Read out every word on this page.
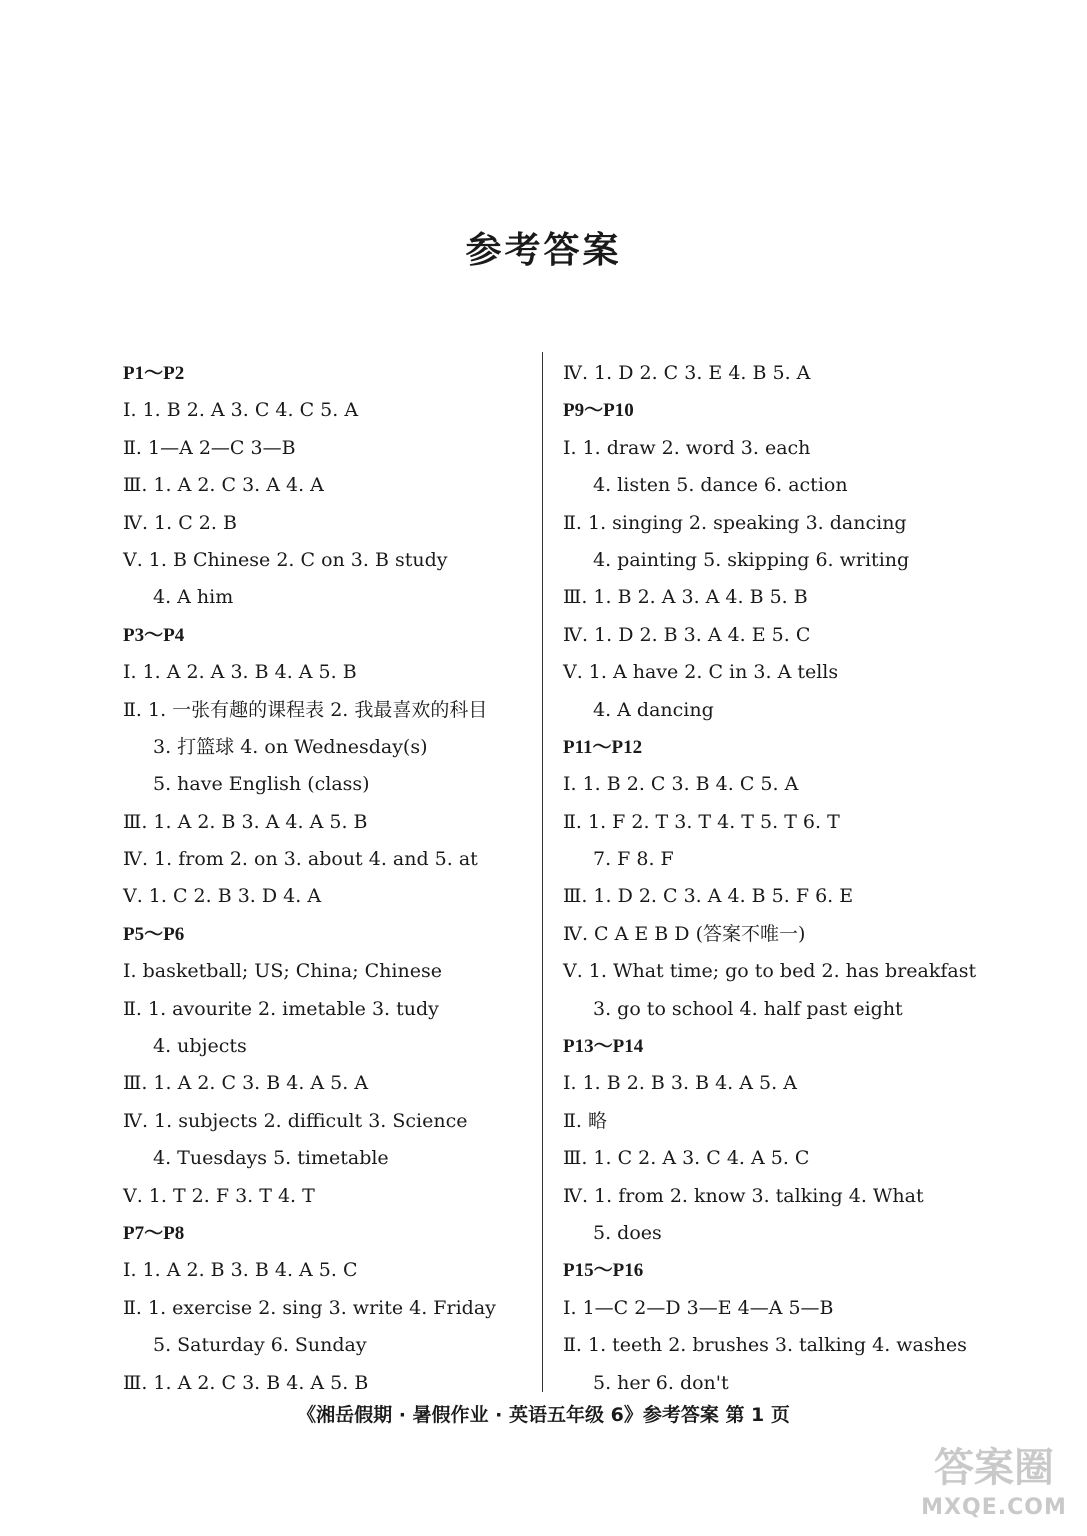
参考答案
P1～P2
Ⅰ. 1. B 2. A 3. C 4. C 5. A
Ⅱ. 1—A 2—C 3—B
Ⅲ. 1. A 2. C 3. A 4. A
Ⅳ. 1. C 2. B
Ⅴ. 1. B Chinese 2. C on 3. B study
4. A him
P3～P4
Ⅰ. 1. A 2. A 3. B 4. A 5. B
Ⅱ. 1. 一张有趣的课程表 2. 我最喜欢的科目
3. 打篮球 4. on Wednesday(s)
5. have English (class)
Ⅲ. 1. A 2. B 3. A 4. A 5. B
Ⅳ. 1. from 2. on 3. about 4. and 5. at
Ⅴ. 1. C 2. B 3. D 4. A
P5～P6
Ⅰ. basketball; US; China; Chinese
Ⅱ. 1. avourite 2. imetable 3. tudy
4. ubjects
Ⅲ. 1. A 2. C 3. B 4. A 5. A
Ⅳ. 1. subjects 2. difficult 3. Science
4. Tuesdays 5. timetable
Ⅴ. 1. T 2. F 3. T 4. T
P7～P8
Ⅰ. 1. A 2. B 3. B 4. A 5. C
Ⅱ. 1. exercise 2. sing 3. write 4. Friday
5. Saturday 6. Sunday
Ⅲ. 1. A 2. C 3. B 4. A 5. B
Ⅳ. 1. D 2. C 3. E 4. B 5. A
P9～P10
Ⅰ. 1. draw 2. word 3. each
4. listen 5. dance 6. action
Ⅱ. 1. singing 2. speaking 3. dancing
4. painting 5. skipping 6. writing
Ⅲ. 1. B 2. A 3. A 4. B 5. B
Ⅳ. 1. D 2. B 3. A 4. E 5. C
Ⅴ. 1. A have 2. C in 3. A tells
4. A dancing
P11～P12
Ⅰ. 1. B 2. C 3. B 4. C 5. A
Ⅱ. 1. F 2. T 3. T 4. T 5. T 6. T
7. F 8. F
Ⅲ. 1. D 2. C 3. A 4. B 5. F 6. E
Ⅳ. C A E B D (答案不唯一)
Ⅴ. 1. What time; go to bed 2. has breakfast
3. go to school 4. half past eight
P13～P14
Ⅰ. 1. B 2. B 3. B 4. A 5. A
Ⅱ. 略
Ⅲ. 1. C 2. A 3. C 4. A 5. C
Ⅳ. 1. from 2. know 3. talking 4. What
5. does
P15～P16
Ⅰ. 1—C 2—D 3—E 4—A 5—B
Ⅱ. 1. teeth 2. brushes 3. talking 4. washes
5. her 6. don't
《湘岳假期 · 暑假作业 · 英语五年级 6》参考答案 第 1 页
答案圈
MXQE.COM
